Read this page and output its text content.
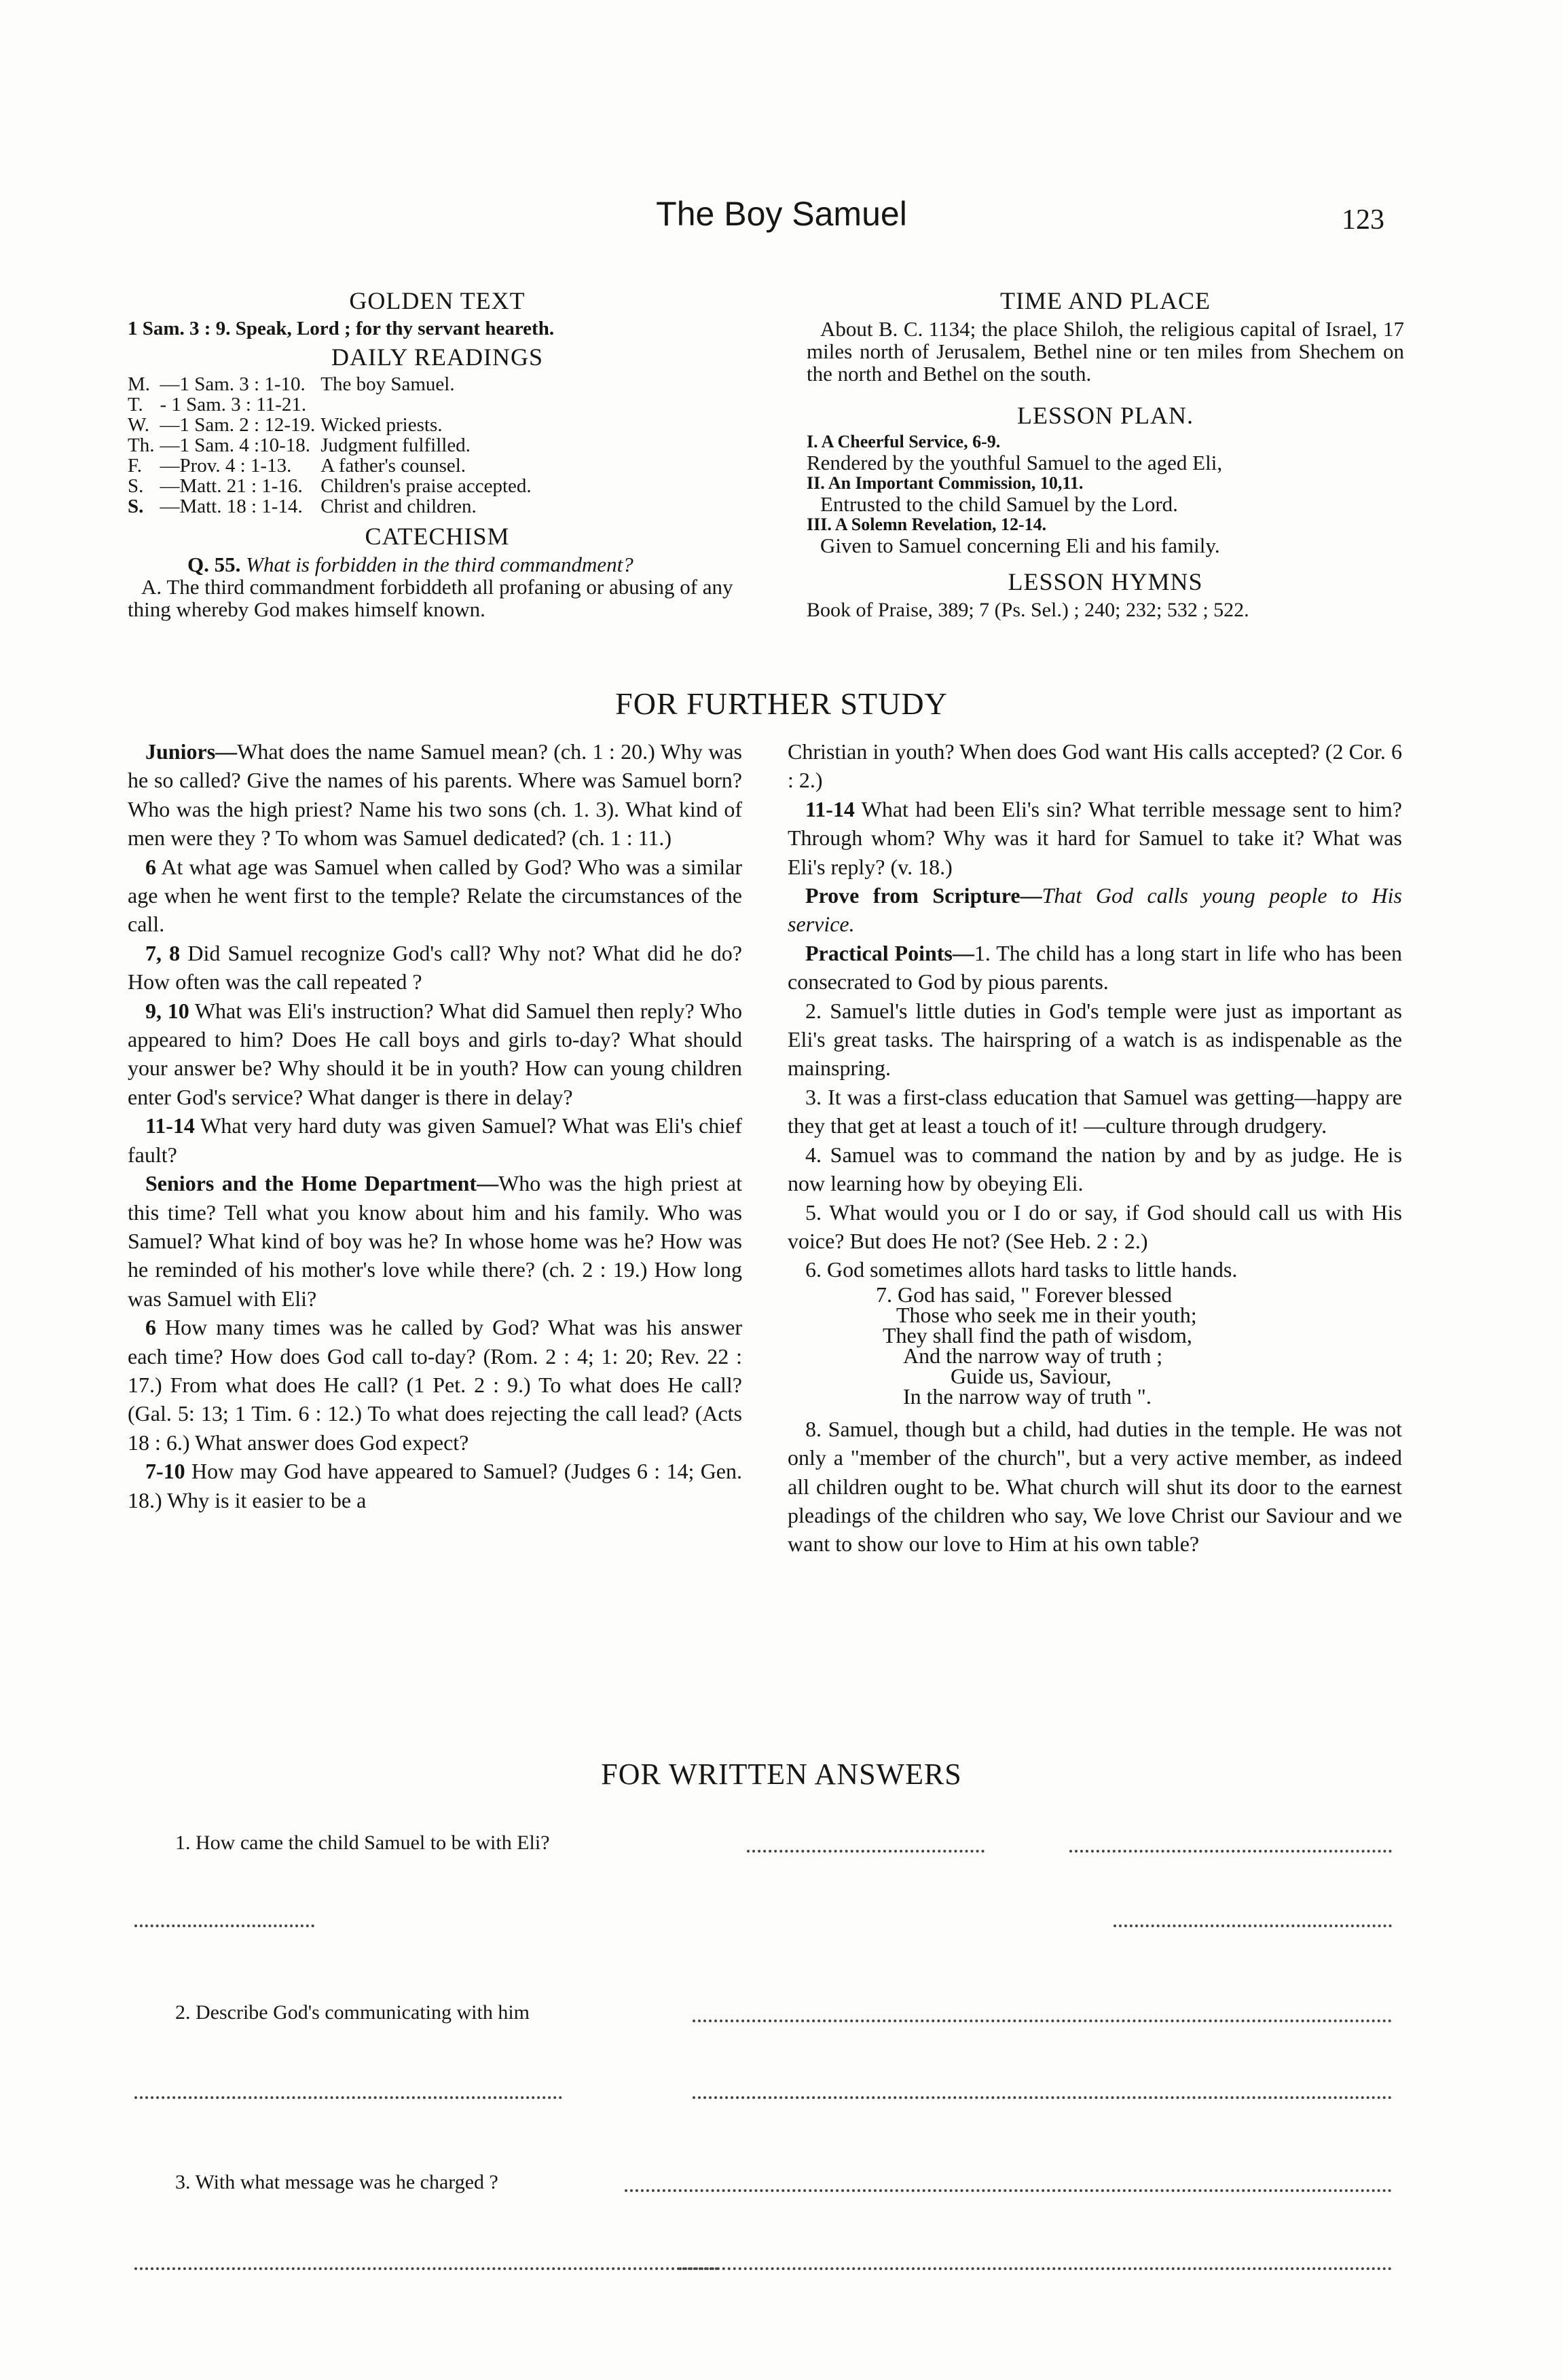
The Boy Samuel	123
GOLDEN TEXT
1 Sam. 3 : 9. Speak, Lord ; for thy servant heareth.
DAILY READINGS
M.	—1 Sam. 3 : 1-10.	The boy Samuel.
T.	- 1 Sam. 3 : 11-21.	
W.	—1 Sam. 2 : 12-19.	Wicked priests.
Th.	—1 Sam. 4 :10-18.	Judgment fulfilled.
F.	—Prov. 4 : 1-13.	A father's counsel.
S.	—Matt. 21 : 1-16.	Children's praise accepted.
S.	—Matt. 18 : 1-14.	Christ and children.
CATECHISM
Q. 55. What is forbidden in the third commandment?
A. The third commandment forbiddeth all profaning or abusing of any thing whereby God makes himself known.
TIME AND PLACE
About B. C. 1134; the place Shiloh, the religious capital of Israel, 17 miles north of Jerusalem, Bethel nine or ten miles from Shechem on the north and Bethel on the south.
LESSON PLAN.
I. A Cheerful Service, 6-9.
Rendered by the youthful Samuel to the aged Eli,
II. An Important Commission, 10,11.
Entrusted to the child Samuel by the Lord.
III. A Solemn Revelation, 12-14.
Given to Samuel concerning Eli and his family.
LESSON HYMNS
Book of Praise, 389; 7 (Ps. Sel.) ; 240; 232; 532 ; 522.
FOR FURTHER STUDY

Juniors—What does the name Samuel mean? (ch. 1 : 20.) Why was he so called? Give the names of his parents. Where was Samuel born? Who was the high priest? Name his two sons (ch. 1. 3). What kind of men were they ? To whom was Samuel dedicated? (ch. 1 : 11.)

6 At what age was Samuel when called by God? Who was a similar age when he went first to the temple? Relate the circumstances of the call.

7, 8 Did Samuel recognize God's call? Why not? What did he do? How often was the call repeated ?

9, 10 What was Eli's instruction? What did Samuel then reply? Who appeared to him? Does He call boys and girls to-day? What should your answer be? Why should it be in youth? How can young children enter God's service? What danger is there in delay?

11-14 What very hard duty was given Samuel? What was Eli's chief fault?

Seniors and the Home Department—Who was the high priest at this time? Tell what you know about him and his family. Who was Samuel? What kind of boy was he? In whose home was he? How was he reminded of his mother's love while there? (ch. 2 : 19.) How long was Samuel with Eli?

6 How many times was he called by God? What was his answer each time? How does God call to-day? (Rom. 2 : 4; 1: 20; Rev. 22 : 17.) From what does He call? (1 Pet. 2 : 9.) To what does He call? (Gal. 5: 13; 1 Tim. 6 : 12.) To what does rejecting the call lead? (Acts 18 : 6.) What answer does God expect?

7-10 How may God have appeared to Samuel? (Judges 6 : 14; Gen. 18.) Why is it easier to be a

Christian in youth? When does God want His calls accepted? (2 Cor. 6 : 2.)

11-14 What had been Eli's sin? What terrible message sent to him? Through whom? Why was it hard for Samuel to take it? What was Eli's reply? (v. 18.)

Prove from Scripture—That God calls young people to His service.

Practical Points—1. The child has a long start in life who has been consecrated to God by pious parents.

2. Samuel's little duties in God's temple were just as important as Eli's great tasks. The hairspring of a watch is as indispenable as the mainspring.

3. It was a first-class education that Samuel was getting—happy are they that get at least a touch of it! —culture through drudgery.

4. Samuel was to command the nation by and by as judge. He is now learning how by obeying Eli.

5. What would you or I do or say, if God should call us with His voice? But does He not? (See Heb. 2 : 2.)

6. God sometimes allots hard tasks to little hands.

7. God has said, " Forever blessed
Those who seek me in their youth;
They shall find the path of wisdom,
And the narrow way of truth ;
Guide us, Saviour,
In the narrow way of truth ".

8. Samuel, though but a child, had duties in the temple. He was not only a "member of the church", but a very active member, as indeed all children ought to be. What church will shut its door to the earnest pleadings of the children who say, We love Christ our Saviour and we want to show our love to Him at his own table?

FOR WRITTEN ANSWERS
1. How came the child Samuel to be with Eli?
2. Describe God's communicating with him
3. With what message was he charged ?
